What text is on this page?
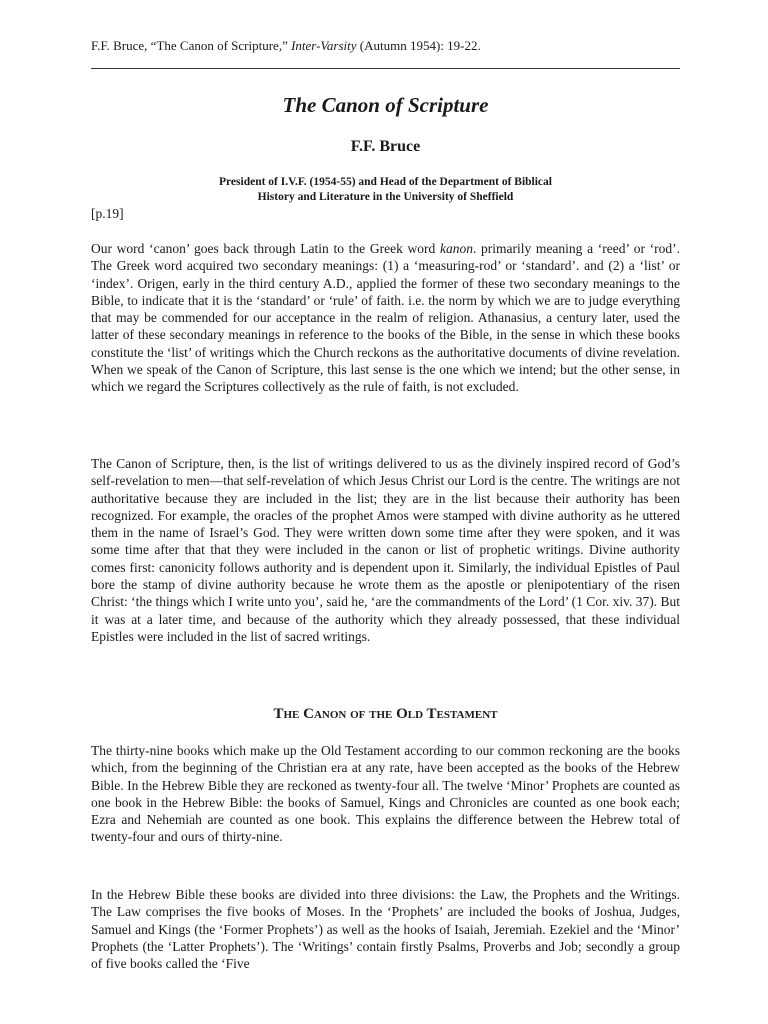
F.F. Bruce, “The Canon of Scripture,” Inter-Varsity (Autumn 1954): 19-22.
The Canon of Scripture
F.F. Bruce
President of I.V.F. (1954-55) and Head of the Department of Biblical
History and Literature in the University of Sheffield
[p.19]

Our word ‘canon’ goes back through Latin to the Greek word kanon. primarily meaning a ‘reed’ or ‘rod’. The Greek word acquired two secondary meanings: (1) a ‘measuring-rod’ or ‘standard’. and (2) a ‘list’ or ‘index’. Origen, early in the third century A.D., applied the former of these two secondary meanings to the Bible, to indicate that it is the ‘standard’ or ‘rule’ of faith. i.e. the norm by which we are to judge everything that may be commended for our acceptance in the realm of religion. Athanasius, a century later, used the latter of these secondary meanings in reference to the books of the Bible, in the sense in which these books constitute the ‘list’ of writings which the Church reckons as the authoritative documents of divine revelation. When we speak of the Canon of Scripture, this last sense is the one which we intend; but the other sense, in which we regard the Scriptures collectively as the rule of faith, is not excluded.

The Canon of Scripture, then, is the list of writings delivered to us as the divinely inspired record of God’s self-revelation to men—that self-revelation of which Jesus Christ our Lord is the centre. The writings are not authoritative because they are included in the list; they are in the list because their authority has been recognized. For example, the oracles of the prophet Amos were stamped with divine authority as he uttered them in the name of Israel’s God. They were written down some time after they were spoken, and it was some time after that that they were included in the canon or list of prophetic writings. Divine authority comes first: canonicity follows authority and is dependent upon it. Similarly, the individual Epistles of Paul bore the stamp of divine authority because he wrote them as the apostle or plenipotentiary of the risen Christ: ‘the things which I write unto you’, said he, ‘are the commandments of the Lord’ (1 Cor. xiv. 37). But it was at a later time, and because of the authority which they already possessed, that these individual Epistles were included in the list of sacred writings.

The Canon of the Old Testament

The thirty-nine books which make up the Old Testament according to our common reckoning are the books which, from the beginning of the Christian era at any rate, have been accepted as the books of the Hebrew Bible. In the Hebrew Bible they are reckoned as twenty-four all. The twelve ‘Minor’ Prophets are counted as one book in the Hebrew Bible: the books of Samuel, Kings and Chronicles are counted as one book each; Ezra and Nehemiah are counted as one book. This explains the difference between the Hebrew total of twenty-four and ours of thirty-nine.

In the Hebrew Bible these books are divided into three divisions: the Law, the Prophets and the Writings. The Law comprises the five books of Moses. In the ‘Prophets’ are included the books of Joshua, Judges, Samuel and Kings (the ‘Former Prophets’) as well as the hooks of Isaiah, Jeremiah. Ezekiel and the ‘Minor’ Prophets (the ‘Latter Prophets’). The ‘Writings’ contain firstly Psalms, Proverbs and Job; secondly a group of five books called the ‘Five
